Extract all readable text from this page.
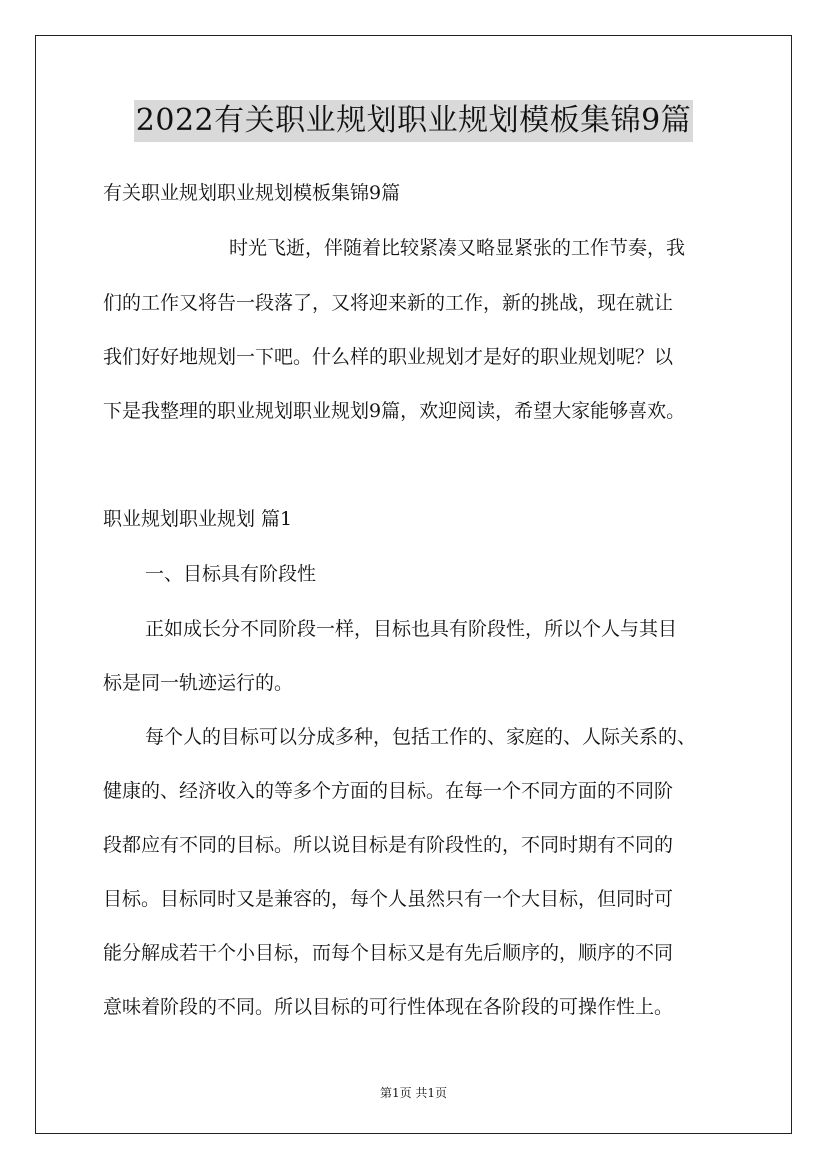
2022有关职业规划职业规划模板集锦9篇
有关职业规划职业规划模板集锦9篇
时光飞逝，伴随着比较紧凑又略显紧张的工作节奏，我
们的工作又将告一段落了，又将迎来新的工作，新的挑战，现在就让
我们好好地规划一下吧。什么样的职业规划才是好的职业规划呢？以
下是我整理的职业规划职业规划9篇，欢迎阅读，希望大家能够喜欢。
职业规划职业规划 篇1
一、目标具有阶段性
正如成长分不同阶段一样，目标也具有阶段性，所以个人与其目
标是同一轨迹运行的。
每个人的目标可以分成多种，包括工作的、家庭的、人际关系的、
健康的、经济收入的等多个方面的目标。在每一个不同方面的不同阶
段都应有不同的目标。所以说目标是有阶段性的，不同时期有不同的
目标。目标同时又是兼容的，每个人虽然只有一个大目标，但同时可
能分解成若干个小目标，而每个目标又是有先后顺序的，顺序的不同
意味着阶段的不同。所以目标的可行性体现在各阶段的可操作性上。
第1页 共1页
